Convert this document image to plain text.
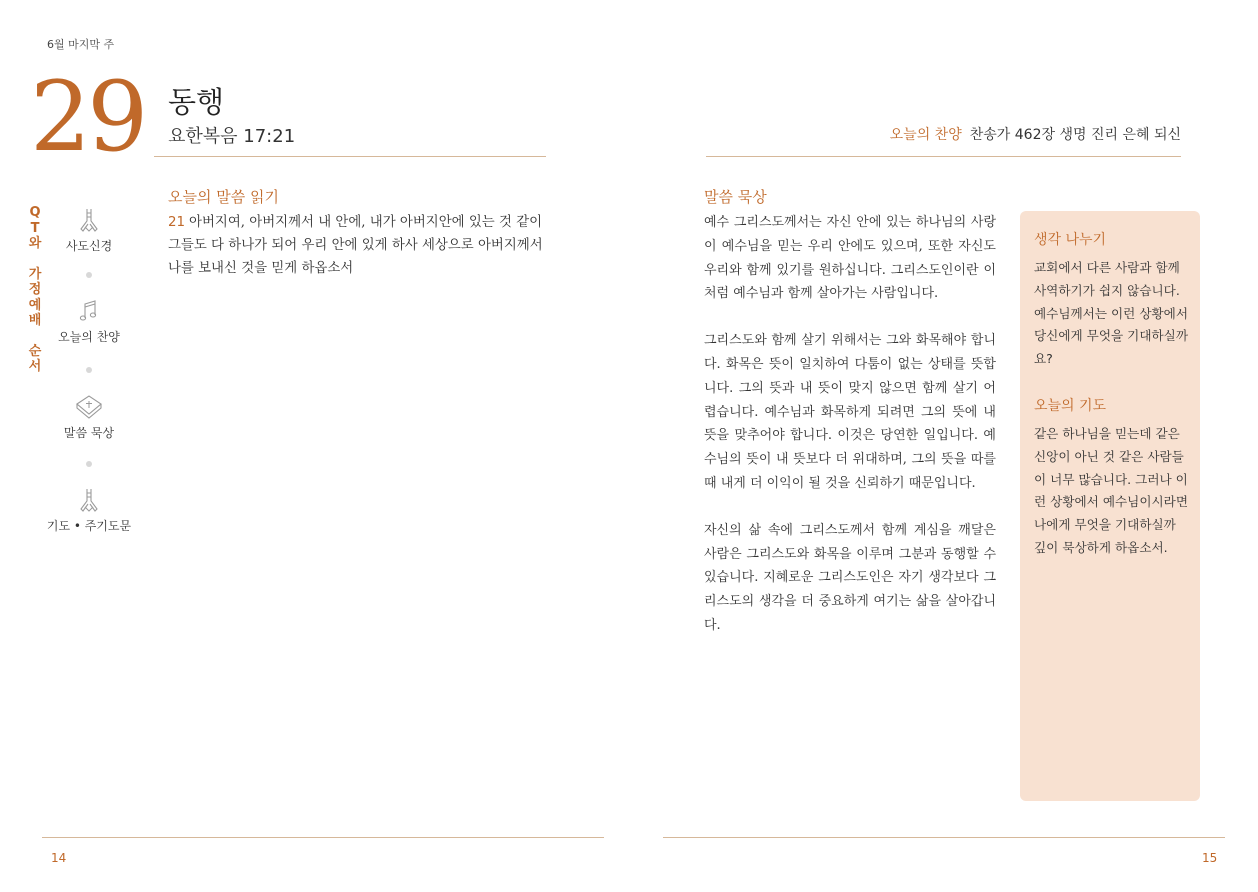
6월 마지막 주
29 동행
요한복음 17:21	오늘의 찬양 찬송가 462장 생명 진리 은혜 되신
Q
T
와
가
정
예
배
순
서
사도신경
오늘의 찬양
말씀 묵상
기도 • 주기도문
오늘의 말씀 읽기
21 아버지여, 아버지께서 내 안에, 내가 아버지안에 있는 것 같이 그들도 다 하나가 되어 우리 안에 있게 하사 세상으로 아버지께서 나를 보내신 것을 믿게 하옵소서
말씀 묵상

예수 그리스도께서는 자신 안에 있는 하나님의 사랑이 예수님을 믿는 우리 안에도 있으며, 또한 자신도 우리와 함께 있기를 원하십니다. 그리스도인이란 이처럼 예수님과 함께 살아가는 사람입니다.

그리스도와 함께 살기 위해서는 그와 화목해야 합니다. 화목은 뜻이 일치하여 다툼이 없는 상태를 뜻합니다. 그의 뜻과 내 뜻이 맞지 않으면 함께 살기 어렵습니다. 예수님과 화목하게 되려면 그의 뜻에 내 뜻을 맞추어야 합니다. 이것은 당연한 일입니다. 예수님의 뜻이 내 뜻보다 더 위대하며, 그의 뜻을 따를 때 내게 더 이익이 될 것을 신뢰하기 때문입니다.

자신의 삶 속에 그리스도께서 함께 계심을 깨달은 사람은 그리스도와 화목을 이루며 그분과 동행할 수 있습니다. 지혜로운 그리스도인은 자기 생각보다 그리스도의 생각을 더 중요하게 여기는 삶을 살아갑니다.

생각 나누기

교회에서 다른 사람과 함께 사역하기가 쉽지 않습니다. 예수님께서는 이런 상황에서 당신에게 무엇을 기대하실까요?

오늘의 기도

같은 하나님을 믿는데 같은 신앙이 아닌 것 같은 사람들이 너무 많습니다. 그러나 이런 상황에서 예수님이시라면 나에게 무엇을 기대하실까 깊이 묵상하게 하옵소서.

14	15
